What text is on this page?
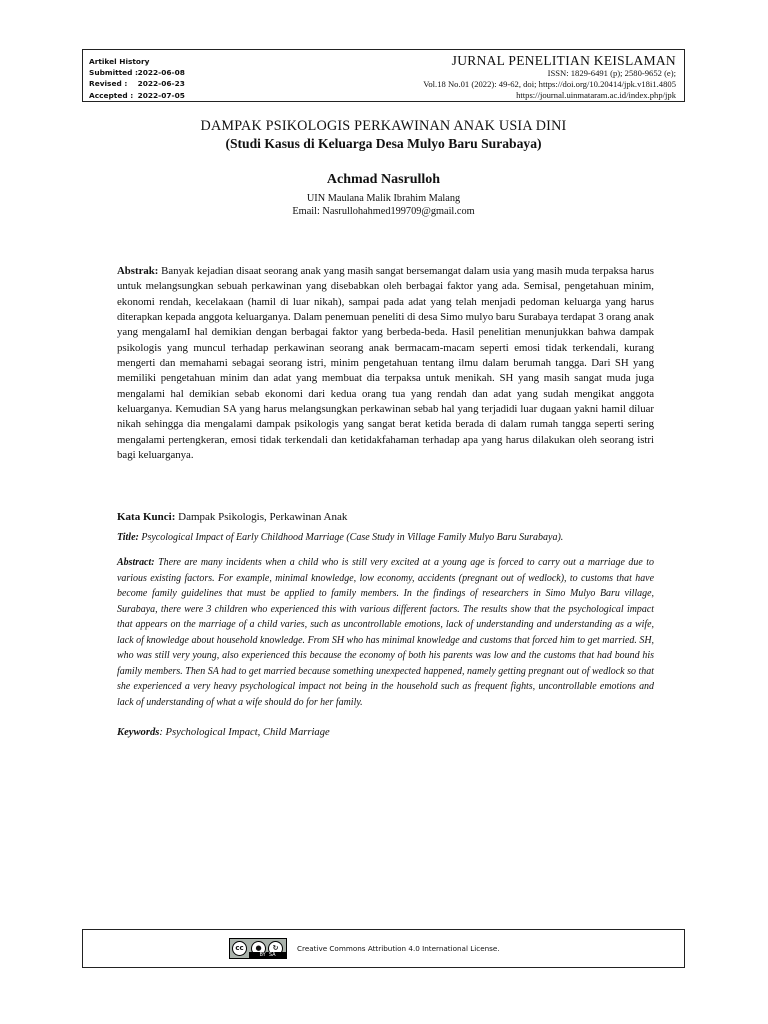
Artikel History
Submitted : 2022-06-08
Revised : 2022-06-23
Accepted : 2022-07-05
JURNAL PENELITIAN KEISLAMAN
ISSN: 1829-6491 (p); 2580-9652 (e);
Vol.18 No.01 (2022): 49-62, doi; https://doi.org/10.20414/jpk.v18i1.4805
https://journal.uinmataram.ac.id/index.php/jpk
DAMPAK PSIKOLOGIS PERKAWINAN ANAK USIA DINI
(Studi Kasus di Keluarga Desa Mulyo Baru Surabaya)
Achmad Nasrulloh
UIN Maulana Malik Ibrahim Malang
Email: Nasrullohahmed199709@gmail.com
Abstrak: Banyak kejadian disaat seorang anak yang masih sangat bersemangat dalam usia yang masih muda terpaksa harus untuk melangsungkan sebuah perkawinan yang disebabkan oleh berbagai faktor yang ada. Semisal, pengetahuan minim, ekonomi rendah, kecelakaan (hamil di luar nikah), sampai pada adat yang telah menjadi pedoman keluarga yang harus diterapkan kepada anggota keluarganya. Dalam penemuan peneliti di desa Simo mulyo baru Surabaya terdapat 3 orang anak yang mengalamI hal demikian dengan berbagai faktor yang berbeda-beda. Hasil penelitian menunjukkan bahwa dampak psikologis yang muncul terhadap perkawinan seorang anak bermacam-macam seperti emosi tidak terkendali, kurang mengerti dan memahami sebagai seorang istri, minim pengetahuan tentang ilmu dalam berumah tangga. Dari SH yang memiliki pengetahuan minim dan adat yang membuat dia terpaksa untuk menikah. SH yang masih sangat muda juga mengalami hal demikian sebab ekonomi dari kedua orang tua yang rendah dan adat yang sudah mengikat anggota keluarganya. Kemudian SA yang harus melangsungkan perkawinan sebab hal yang terjadidi luar dugaan yakni hamil diluar nikah sehingga dia mengalami dampak psikologis yang sangat berat ketida berada di dalam rumah tangga seperti sering mengalami pertengkeran, emosi tidak terkendali dan ketidakfahaman terhadap apa yang harus dilakukan oleh seorang istri bagi keluarganya.
Kata Kunci: Dampak Psikologis, Perkawinan Anak
Title: Psycological Impact of Early Childhood Marriage (Case Study in Village Family Mulyo Baru Surabaya).
Abstract: There are many incidents when a child who is still very excited at a young age is forced to carry out a marriage due to various existing factors. For example, minimal knowledge, low economy, accidents (pregnant out of wedlock), to customs that have become family guidelines that must be applied to family members. In the findings of researchers in Simo Mulyo Baru village, Surabaya, there were 3 children who experienced this with various different factors. The results show that the psychological impact that appears on the marriage of a child varies, such as uncontrollable emotions, lack of understanding and understanding as a wife, lack of knowledge about household knowledge. From SH who has minimal knowledge and customs that forced him to get married. SH, who was still very young, also experienced this because the economy of both his parents was low and the customs that had bound his family members. Then SA had to get married because something unexpected happened, namely getting pregnant out of wedlock so that she experienced a very heavy psychological impact not being in the household such as frequent fights, uncontrollable emotions and lack of understanding of what a wife should do for her family.
Keywords: Psychological Impact, Child Marriage
cc	●	↻
BY SA
Creative Commons Attribution 4.0 International License.
